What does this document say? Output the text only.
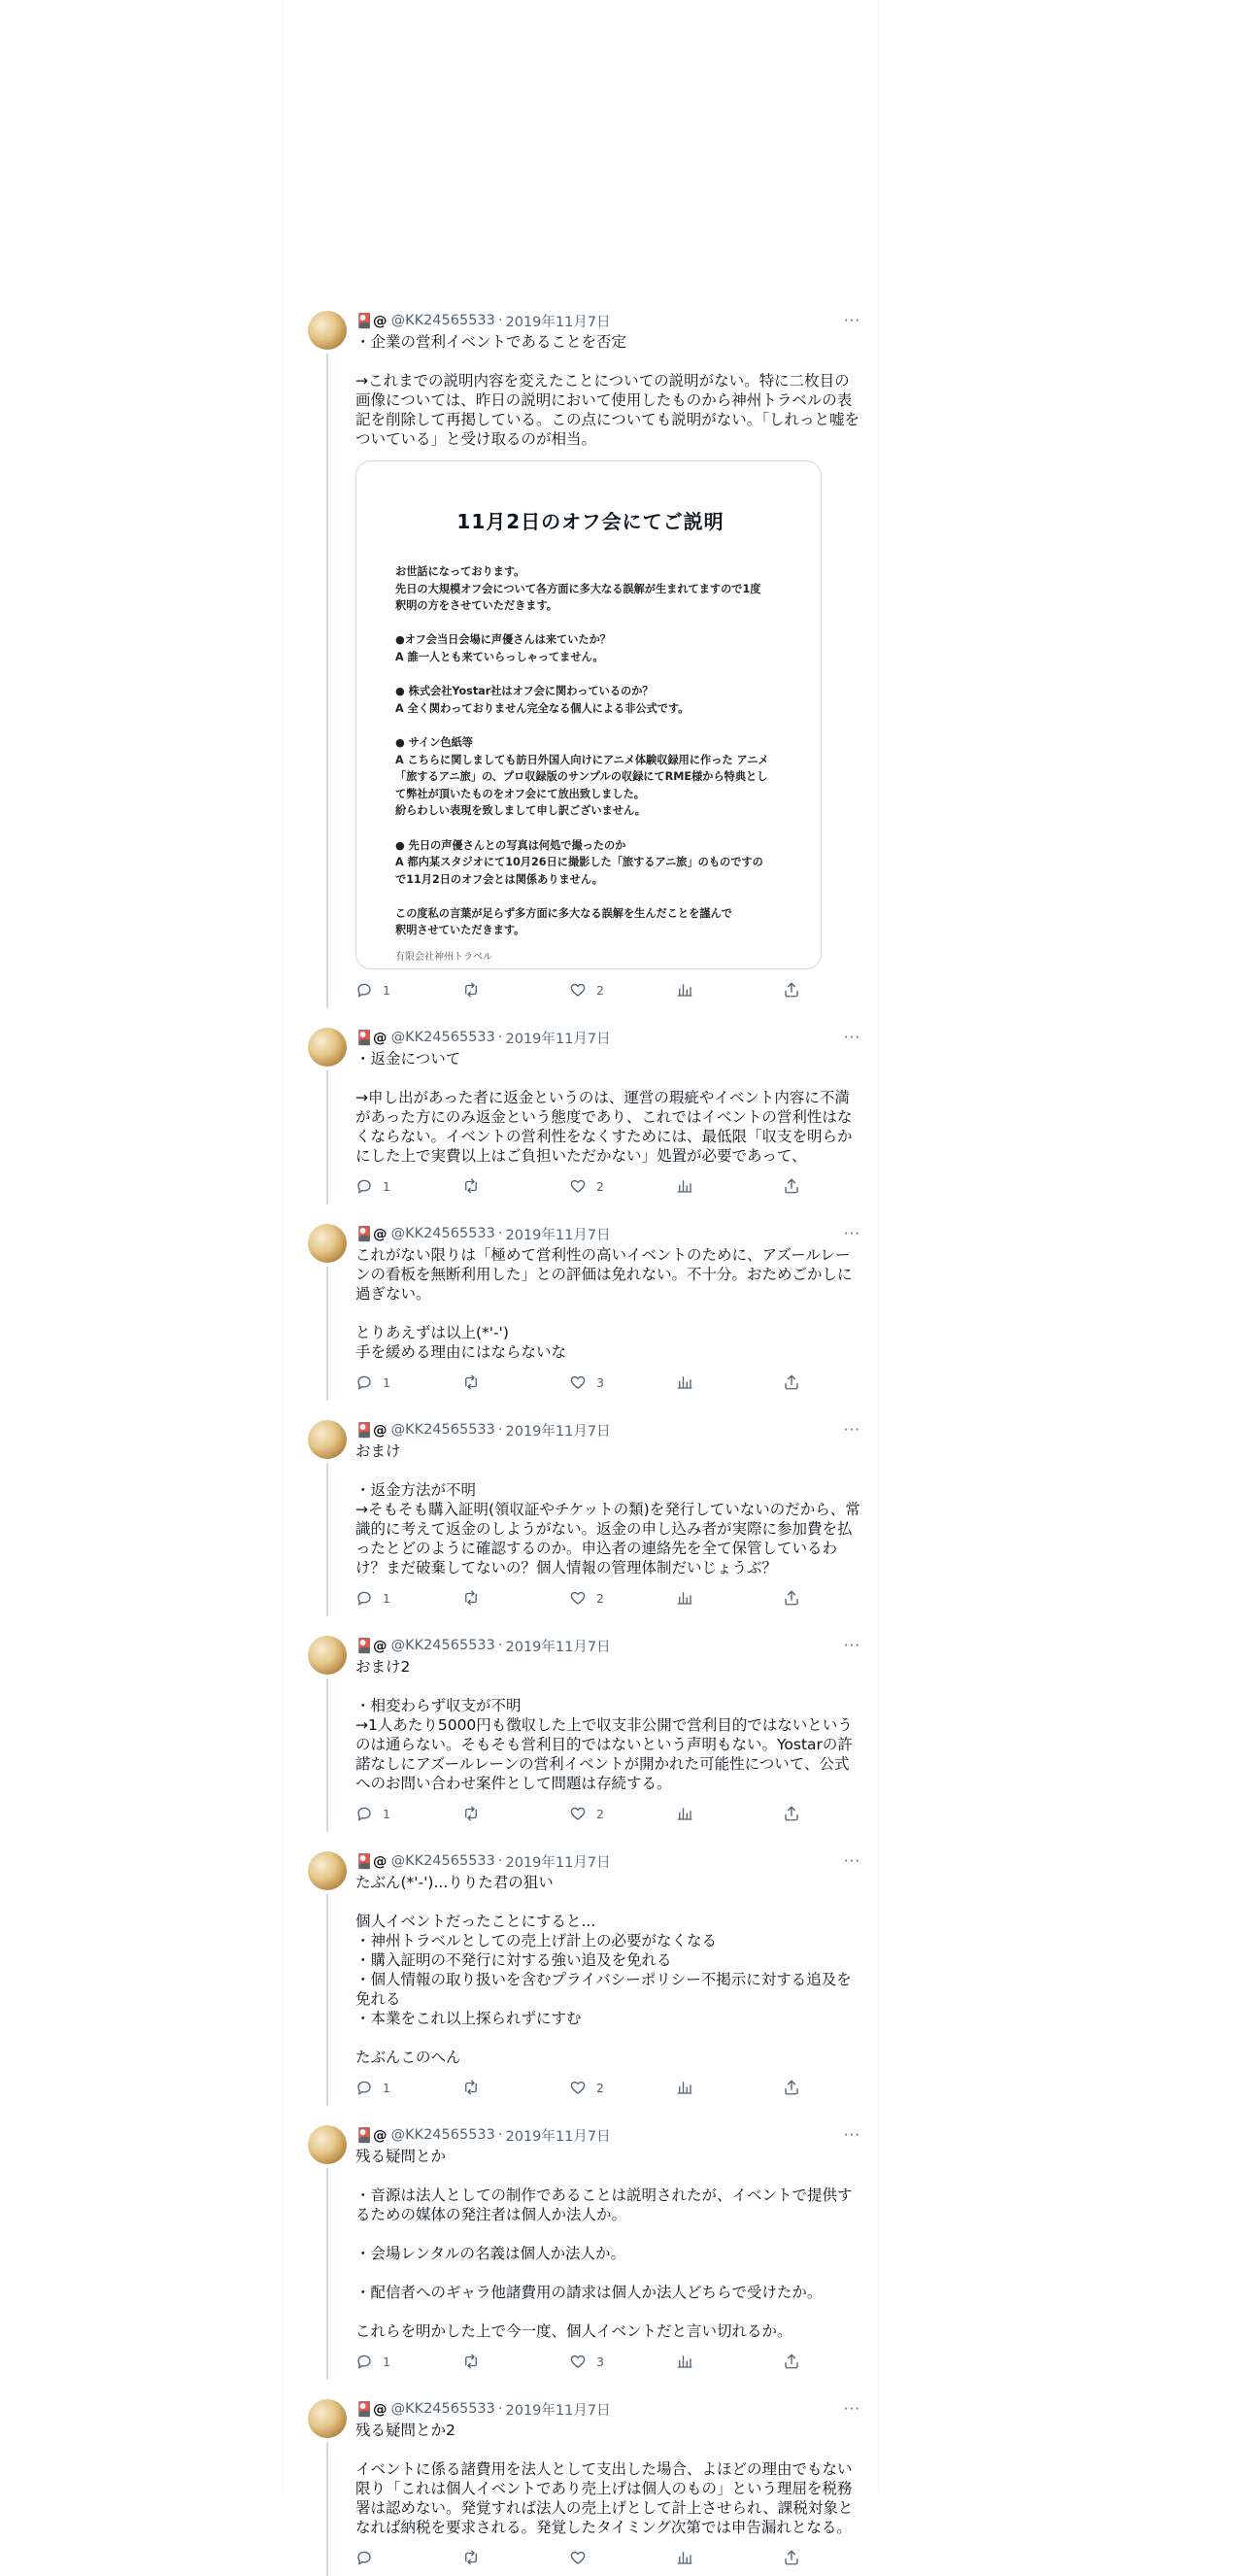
🎴@ @KK24565533 · 2019年11月7日	···
・企業の営利イベントであることを否定

→これまでの説明内容を変えたことについての説明がない。特に二枚目の画像については、昨日の説明において使用したものから神州トラベルの表記を削除して再掲している。この点についても説明がない。「しれっと嘘をついている」と受け取るのが相当。
11月2日のオフ会にてご説明
お世話になっております。
先日の大規模オフ会について各方面に多大なる誤解が生まれてますので1度
釈明の方をさせていただきます。

●オフ会当日会場に声優さんは来ていたか？
A 誰一人とも来ていらっしゃってません。

● 株式会社Yostar社はオフ会に関わっているのか？
A 全く関わっておりません完全なる個人による非公式です。

● サイン色紙等
A こちらに関しましても訪日外国人向けにアニメ体験収録用に作った アニメ
「旅するアニ旅」の、プロ収録版のサンプルの収録にてRME様から特典とし
て弊社が頂いたものをオフ会にて放出致しました。
紛らわしい表現を致しまして申し訳ございません。

● 先日の声優さんとの写真は何処で撮ったのか
A 都内某スタジオにて10月26日に撮影した「旅するアニ旅」のものですの
で11月2日のオフ会とは関係ありません。

この度私の言葉が足らず多方面に多大なる誤解を生んだことを謹んで
釈明させていただきます。
有限会社神州トラベル
1	2
🎴@ @KK24565533 · 2019年11月7日	···
・返金について

→申し出があった者に返金というのは、運営の瑕疵やイベント内容に不満があった方にのみ返金という態度であり、これではイベントの営利性はなくならない。イベントの営利性をなくすためには、最低限「収支を明らかにした上で実費以上はご負担いただかない」処置が必要であって、
1	2
🎴@ @KK24565533 · 2019年11月7日	···
これがない限りは「極めて営利性の高いイベントのために、アズールレーンの看板を無断利用した」との評価は免れない。不十分。おためごかしに過ぎない。

とりあえずは以上(*'-')
手を緩める理由にはならないな
1	3
🎴@ @KK24565533 · 2019年11月7日	···
おまけ

・返金方法が不明
→そもそも購入証明(領収証やチケットの類)を発行していないのだから、常識的に考えて返金のしようがない。返金の申し込み者が実際に参加費を払ったとどのように確認するのか。申込者の連絡先を全て保管しているわけ？まだ破棄してないの？個人情報の管理体制だいじょうぶ？
1	2
🎴@ @KK24565533 · 2019年11月7日	···
おまけ2

・相変わらず収支が不明
→1人あたり5000円も徴収した上で収支非公開で営利目的ではないというのは通らない。そもそも営利目的ではないという声明もない。Yostarの許諾なしにアズールレーンの営利イベントが開かれた可能性について、公式へのお問い合わせ案件として問題は存続する。
1	2
🎴@ @KK24565533 · 2019年11月7日	···
たぶん(*'-')...りりた君の狙い

個人イベントだったことにすると...
・神州トラベルとしての売上げ計上の必要がなくなる
・購入証明の不発行に対する強い追及を免れる
・個人情報の取り扱いを含むプライバシーポリシー不掲示に対する追及を免れる
・本業をこれ以上探られずにすむ

たぶんこのへん
1	2
🎴@ @KK24565533 · 2019年11月7日	···
残る疑問とか

・音源は法人としての制作であることは説明されたが、イベントで提供するための媒体の発注者は個人か法人か。

・会場レンタルの名義は個人か法人か。

・配信者へのギャラ他諸費用の請求は個人か法人どちらで受けたか。

これらを明かした上で今一度、個人イベントだと言い切れるか。
1	3
🎴@ @KK24565533 · 2019年11月7日	···
残る疑問とか2

イベントに係る諸費用を法人として支出した場合、よほどの理由でもない限り「これは個人イベントであり売上げは個人のもの」という理屈を税務署は認めない。発覚すれば法人の売上げとして計上させられ、課税対象となれば納税を要求される。発覚したタイミング次第では申告漏れとなる。
